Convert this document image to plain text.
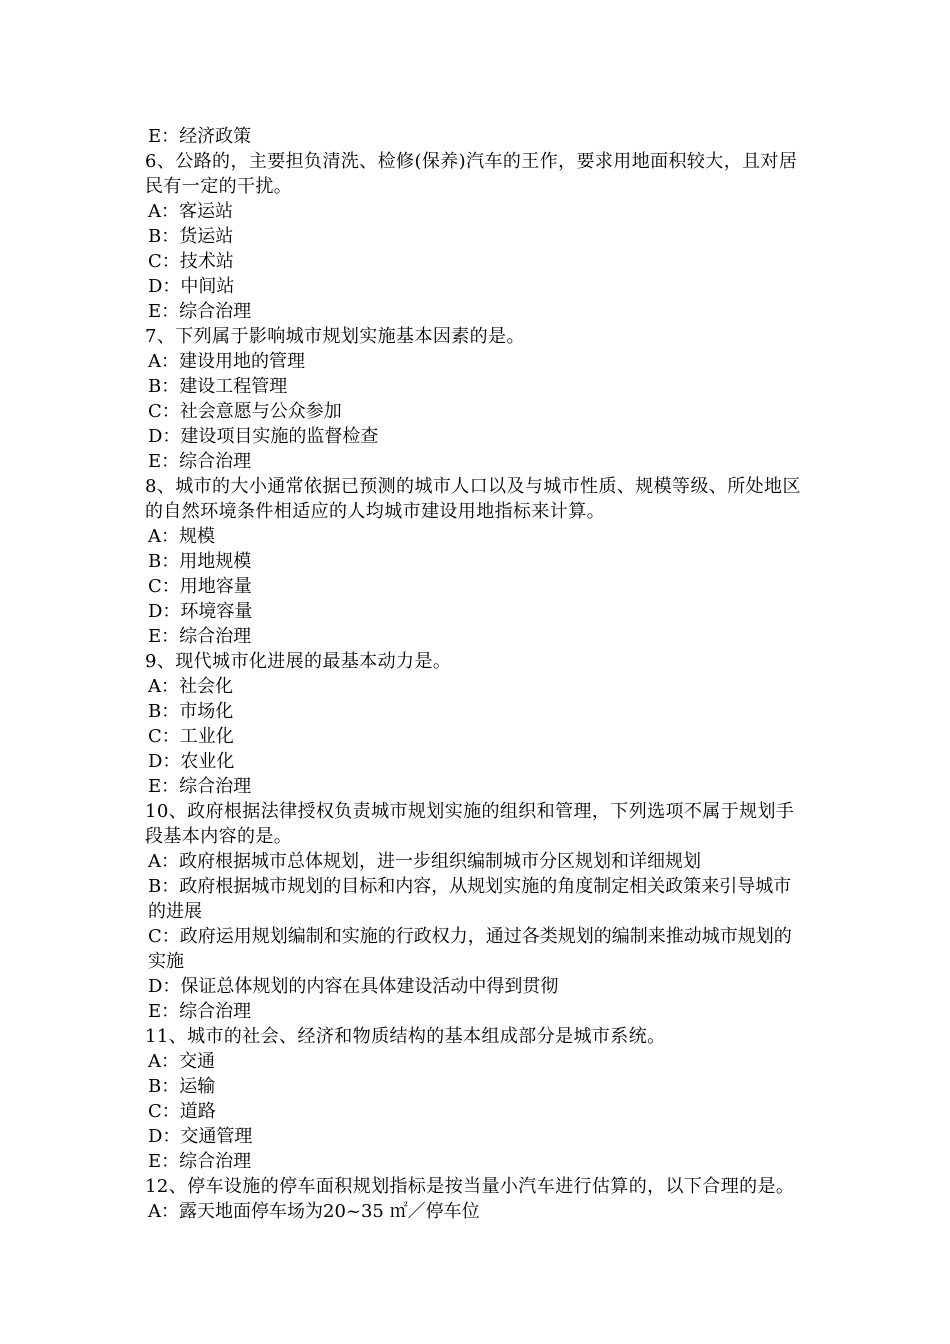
E：经济政策
6、公路的，主要担负清洗、检修(保养)汽车的王作，要求用地面积较大，且对居民有一定的干扰。
A：客运站
B：货运站
C：技术站
D：中间站
E：综合治理
7、下列属于影响城市规划实施基本因素的是。
A：建设用地的管理
B：建设工程管理
C：社会意愿与公众参加
D：建设项目实施的监督检查
E：综合治理
8、城市的大小通常依据已预测的城市人口以及与城市性质、规模等级、所处地区的自然环境条件相适应的人均城市建设用地指标来计算。
A：规模
B：用地规模
C：用地容量
D：环境容量
E：综合治理
9、现代城市化进展的最基本动力是。
A：社会化
B：市场化
C：工业化
D：农业化
E：综合治理
10、政府根据法律授权负责城市规划实施的组织和管理，下列选项不属于规划手段基本内容的是。
A：政府根据城市总体规划，进一步组织编制城市分区规划和详细规划
B：政府根据城市规划的目标和内容，从规划实施的角度制定相关政策来引导城市的进展
C：政府运用规划编制和实施的行政权力，通过各类规划的编制来推动城市规划的实施
D：保证总体规划的内容在具体建设活动中得到贯彻
E：综合治理
11、城市的社会、经济和物质结构的基本组成部分是城市系统。
A：交通
B：运输
C：道路
D：交通管理
E：综合治理
12、停车设施的停车面积规划指标是按当量小汽车进行估算的，以下合理的是。
A：露天地面停车场为20~35 ㎡／停车位
